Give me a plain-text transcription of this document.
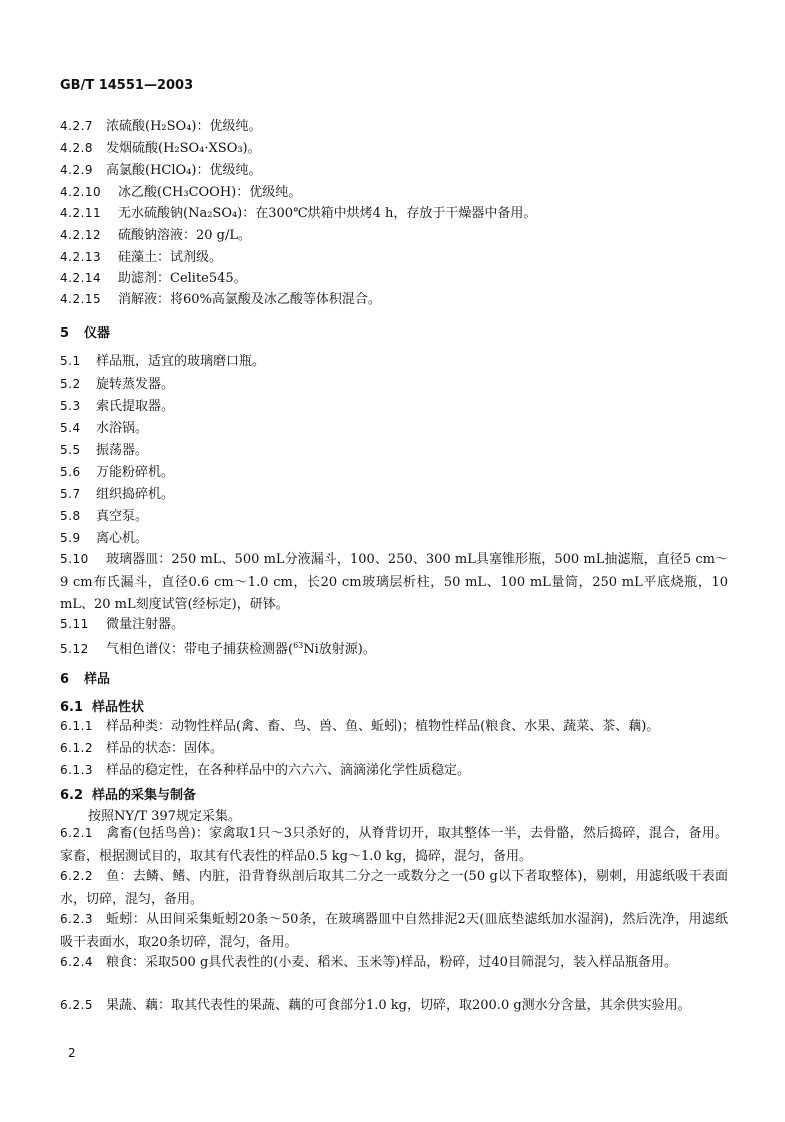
GB/T 14551—2003
4.2.7 浓硫酸(H₂SO₄)：优级纯。
4.2.8 发烟硫酸(H₂SO₄·XSO₃)。
4.2.9 高氯酸(HClO₄)：优级纯。
4.2.10 冰乙酸(CH₃COOH)：优级纯。
4.2.11 无水硫酸钠(Na₂SO₄)：在300℃烘箱中烘烤4 h，存放于干燥器中备用。
4.2.12 硫酸钠溶液：20 g/L。
4.2.13 硅藻土：试剂级。
4.2.14 助滤剂：Celite545。
4.2.15 消解液：将60%高氯酸及冰乙酸等体积混合。
5 仪器
5.1 样品瓶，适宜的玻璃磨口瓶。
5.2 旋转蒸发器。
5.3 索氏提取器。
5.4 水浴锅。
5.5 振荡器。
5.6 万能粉碎机。
5.7 组织捣碎机。
5.8 真空泵。
5.9 离心机。
5.10 玻璃器皿：250 mL、500 mL分液漏斗，100、250、300 mL具塞锥形瓶，500 mL抽滤瓶，直径5 cm～9 cm布氏漏斗，直径0.6 cm～1.0 cm，长20 cm玻璃层析柱，50 mL、100 mL量筒，250 mL平底烧瓶，10 mL、20 mL刻度试管(经标定)，研钵。
5.11 微量注射器。
5.12 气相色谱仪：带电子捕获检测器($^{63}$Ni放射源)。
6 样品
6.1 样品性状
6.1.1 样品种类：动物性样品(禽、畜、鸟、兽、鱼、蚯蚓)；植物性样品(粮食、水果、蔬菜、茶、藕)。
6.1.2 样品的状态：固体。
6.1.3 样品的稳定性，在各种样品中的六六六、滴滴涕化学性质稳定。
6.2 样品的采集与制备
按照NY/T 397规定采集。
6.2.1 禽畜(包括鸟兽)：家禽取1只～3只杀好的，从脊背切开，取其整体一半，去骨骼，然后捣碎，混合，备用。家畜，根据测试目的，取其有代表性的样品0.5 kg～1.0 kg，捣碎，混匀，备用。
6.2.2 鱼：去鳞、鳍、内脏，沿背脊纵剖后取其二分之一或数分之一(50 g以下者取整体)，剔刺，用滤纸吸干表面水，切碎，混匀，备用。
6.2.3 蚯蚓：从田间采集蚯蚓20条～50条，在玻璃器皿中自然排泥2天(皿底垫滤纸加水湿润)，然后洗净，用滤纸吸干表面水，取20条切碎，混匀，备用。
6.2.4 粮食：采取500 g具代表性的(小麦、稻米、玉米等)样品，粉碎，过40目筛混匀，装入样品瓶备用。
6.2.5 果蔬、藕：取其代表性的果蔬、藕的可食部分1.0 kg，切碎，取200.0 g测水分含量，其余供实验用。
2
